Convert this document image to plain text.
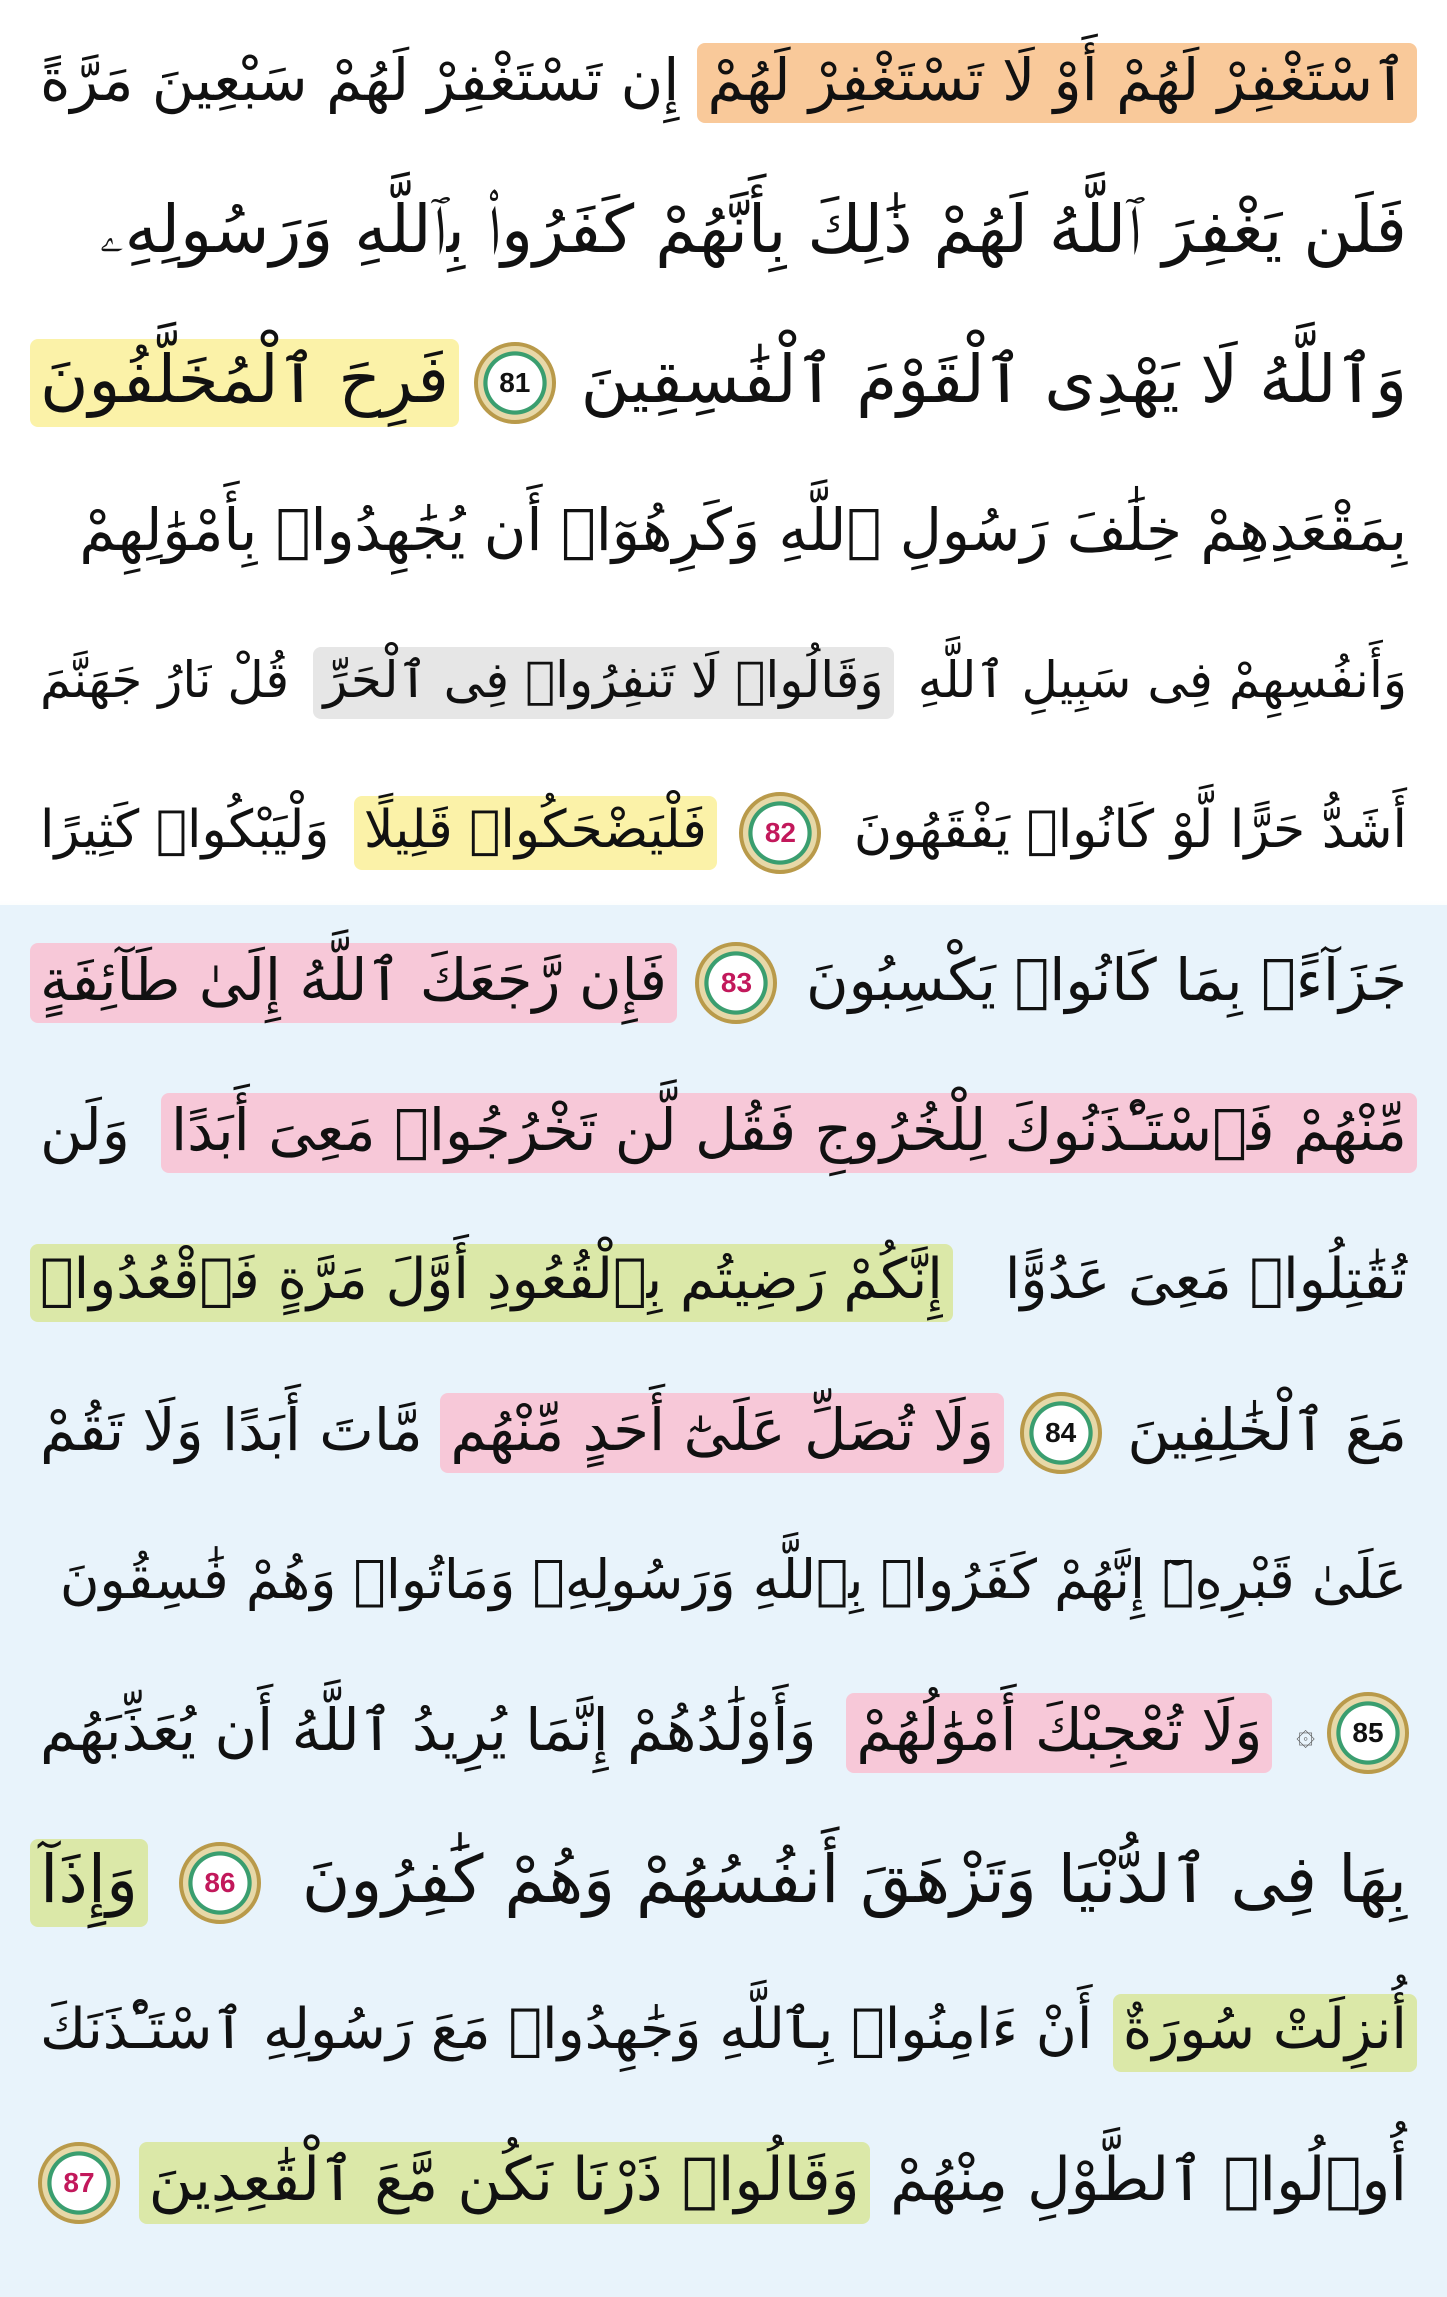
ٱسْتَغْفِرْ لَهُمْ أَوْ لَا تَسْتَغْفِرْ لَهُمْ
إِن تَسْتَغْفِرْ لَهُمْ سَبْعِينَ مَرَّةً
فَلَن يَغْفِرَ ٱللَّهُ لَهُمْ ذَٰلِكَ بِأَنَّهُمْ كَفَرُوا۟ بِٱللَّهِ وَرَسُولِهِۦ
وَٱللَّهُ لَا يَهْدِى ٱلْقَوْمَ ٱلْفَٰسِقِينَ
81
فَرِحَ ٱلْمُخَلَّفُونَ
بِمَقْعَدِهِمْ خِلَٰفَ رَسُولِ ٱللَّهِ وَكَرِهُوٓا۟ أَن يُجَٰهِدُوا۟ بِأَمْوَٰلِهِمْ
وَأَنفُسِهِمْ فِى سَبِيلِ ٱللَّهِ
وَقَالُوا۟ لَا تَنفِرُوا۟ فِى ٱلْحَرِّ
قُلْ نَارُ جَهَنَّمَ
أَشَدُّ حَرًّا لَّوْ كَانُوا۟ يَفْقَهُونَ
82
فَلْيَضْحَكُوا۟ قَلِيلًا
وَلْيَبْكُوا۟ كَثِيرًا
جَزَآءًۢ بِمَا كَانُوا۟ يَكْسِبُونَ
83
فَإِن رَّجَعَكَ ٱللَّهُ إِلَىٰ طَآئِفَةٍ
مِّنْهُمْ فَٱسْتَـْٔذَنُوكَ لِلْخُرُوجِ فَقُل لَّن تَخْرُجُوا۟ مَعِىَ أَبَدًا
وَلَن
تُقَٰتِلُوا۟ مَعِىَ عَدُوًّا
إِنَّكُمْ رَضِيتُم بِٱلْقُعُودِ أَوَّلَ مَرَّةٍ فَٱقْعُدُوا۟
مَعَ ٱلْخَٰلِفِينَ
84
وَلَا تُصَلِّ عَلَىٰٓ أَحَدٍ مِّنْهُم
مَّاتَ أَبَدًا وَلَا تَقُمْ
عَلَىٰ قَبْرِهِۦٓ إِنَّهُمْ كَفَرُوا۟ بِٱللَّهِ وَرَسُولِهِۦ وَمَاتُوا۟ وَهُمْ فَٰسِقُونَ
85
۞
وَلَا تُعْجِبْكَ أَمْوَٰلُهُمْ
وَأَوْلَٰدُهُمْ إِنَّمَا يُرِيدُ ٱللَّهُ أَن يُعَذِّبَهُم
بِهَا فِى ٱلدُّنْيَا وَتَزْهَقَ أَنفُسُهُمْ وَهُمْ كَٰفِرُونَ
86
وَإِذَآ
أُنزِلَتْ سُورَةٌ
أَنْ ءَامِنُوا۟ بِٱللَّهِ وَجَٰهِدُوا۟ مَعَ رَسُولِهِ ٱسْتَـْٔذَنَكَ
أُو۟لُوا۟ ٱلطَّوْلِ مِنْهُمْ
وَقَالُوا۟ ذَرْنَا نَكُن مَّعَ ٱلْقَٰعِدِينَ
87
